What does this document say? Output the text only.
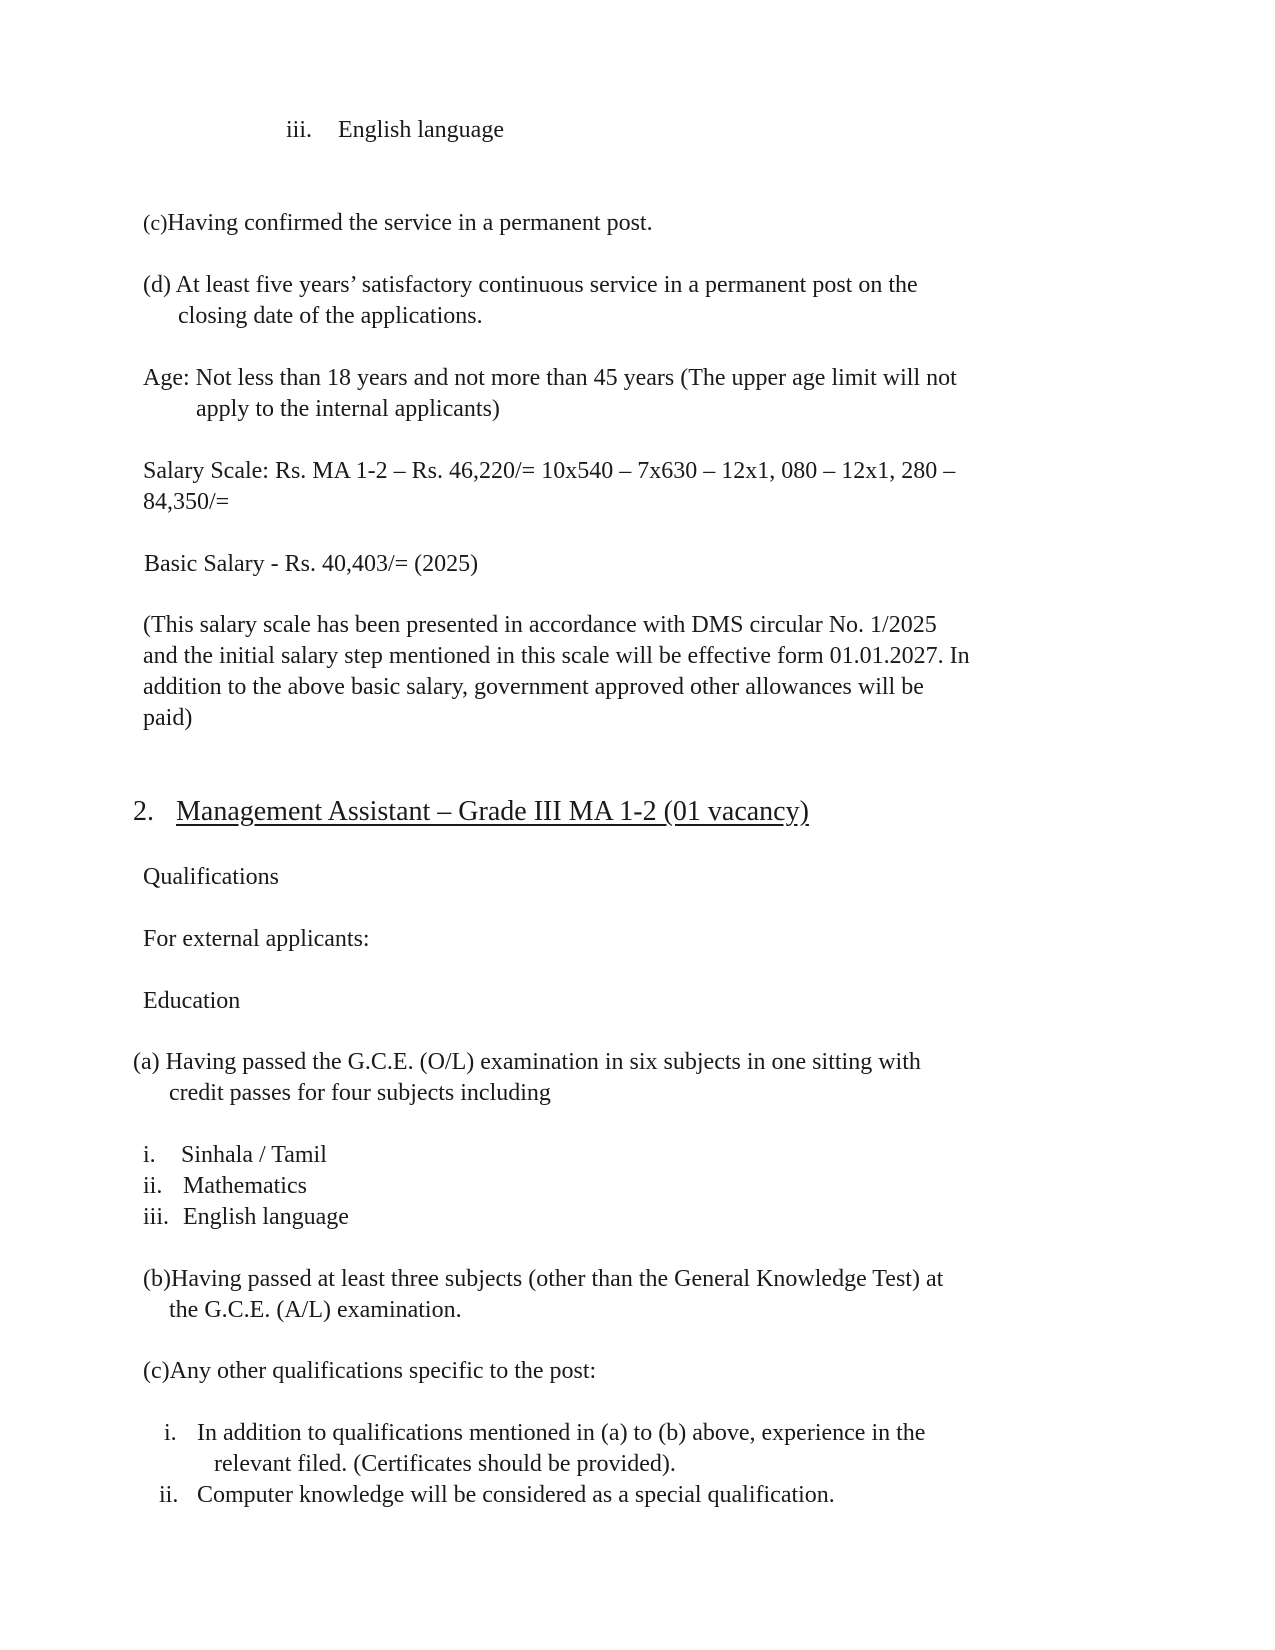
iii. English language
(c)Having confirmed the service in a permanent post.
(d) At least five years’ satisfactory continuous service in a permanent post on the
closing date of the applications.
Age: Not less than 18 years and not more than 45 years (The upper age limit will not
apply to the internal applicants)
Salary Scale: Rs. MA 1-2 – Rs. 46,220/= 10x540 – 7x630 – 12x1, 080 – 12x1, 280 –
84,350/=
Basic Salary - Rs. 40,403/= (2025)
(This salary scale has been presented in accordance with DMS circular No. 1/2025
and the initial salary step mentioned in this scale will be effective form 01.01.2027. In
addition to the above basic salary, government approved other allowances will be
paid)
2. Management Assistant – Grade III MA 1-2 (01 vacancy)
Qualifications
For external applicants:
Education
(a) Having passed the G.C.E. (O/L) examination in six subjects in one sitting with
credit passes for four subjects including
i. Sinhala / Tamil
ii. Mathematics
iii. English language
(b)Having passed at least three subjects (other than the General Knowledge Test) at
the G.C.E. (A/L) examination.
(c)Any other qualifications specific to the post:
i. In addition to qualifications mentioned in (a) to (b) above, experience in the
relevant filed. (Certificates should be provided).
ii. Computer knowledge will be considered as a special qualification.
